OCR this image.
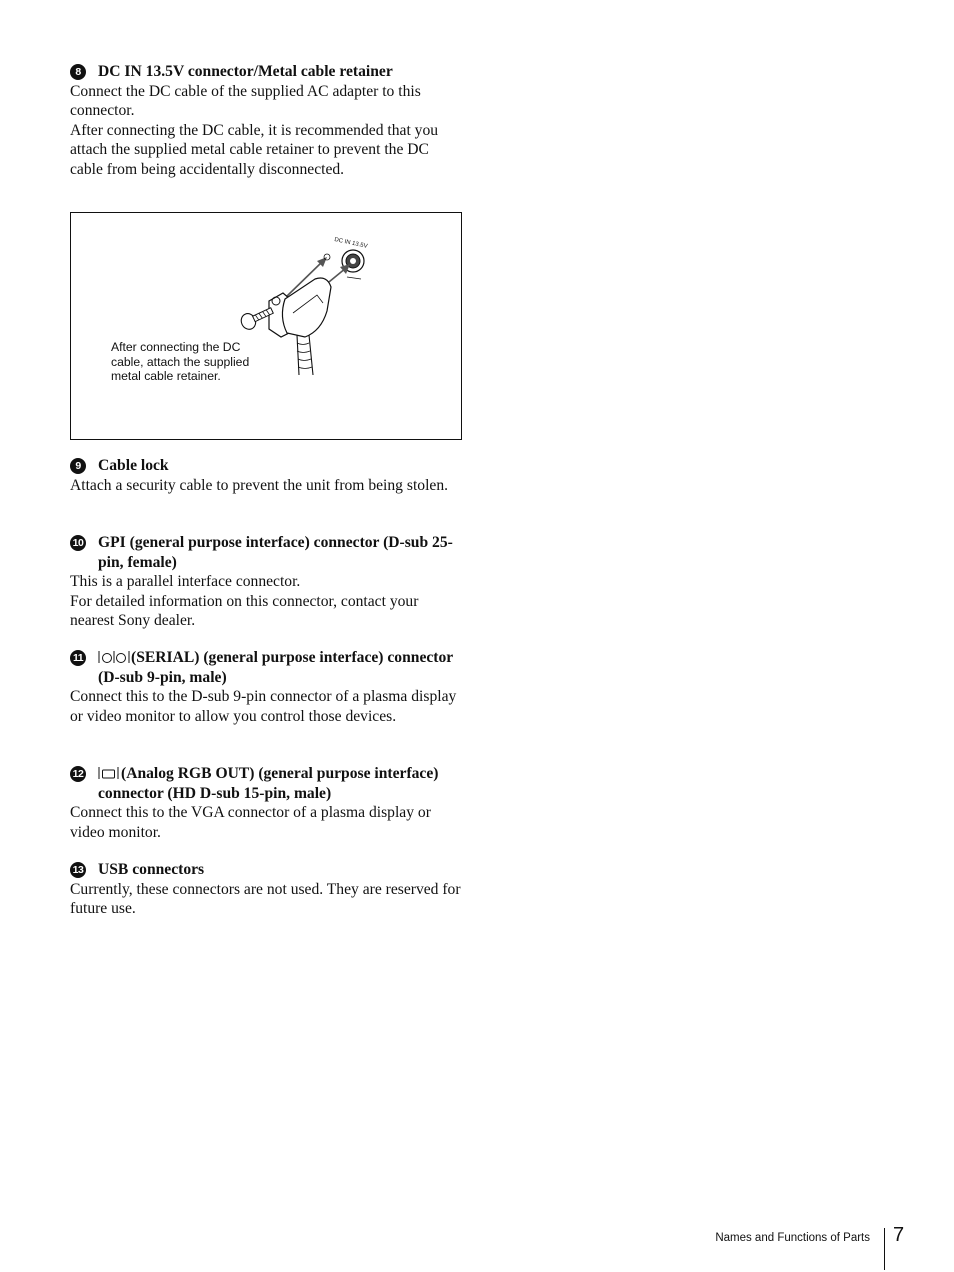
8	DC IN 13.5V connector/Metal cable retainer

Connect the DC cable of the supplied AC adapter to this connector.

After connecting the DC cable, it is recommended that you attach the supplied metal cable retainer to prevent the DC cable from being accidentally disconnected.

DC IN 13.5V
After connecting the DC cable, attach the supplied metal cable retainer.
9	Cable lock

Attach a security cable to prevent the unit from being stolen.

10 GPI (general purpose interface) connector (D-sub 25-pin, female)

This is a parallel interface connector.

For detailed information on this connector, contact your nearest Sony dealer.

11	(SERIAL) (general purpose interface) connector (D-sub 9-pin, male)

Connect this to the D-sub 9-pin connector of a plasma display or video monitor to allow you control those devices.

12 (Analog RGB OUT) (general purpose interface) connector (HD D-sub 15-pin, male)

Connect this to the VGA connector of a plasma display or video monitor.

13 USB connectors

Currently, these connectors are not used. They are reserved for future use.

Names and Functions of Parts 7
